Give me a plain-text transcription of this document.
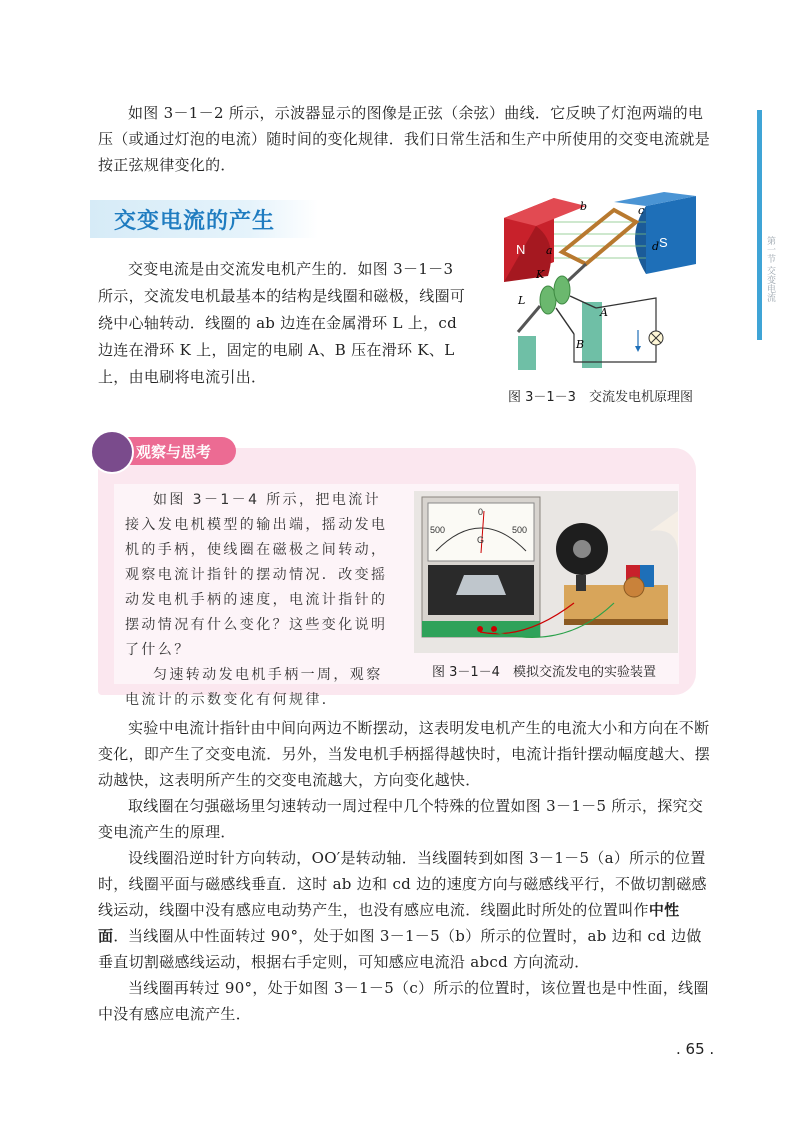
第一节 交变电流

如图 3－1－2 所示，示波器显示的图像是正弦（余弦）曲线．它反映了灯泡两端的电压（或通过灯泡的电流）随时间的变化规律．我们日常生活和生产中所使用的交变电流就是按正弦规律变化的．

交变电流的产生

交变电流是由交流发电机产生的．如图 3－1－3 所示，交流发电机最基本的结构是线圈和磁极，线圈可绕中心轴转动．线圈的 ab 边连在金属滑环 L 上，cd 边连在滑环 K 上，固定的电刷 A、B 压在滑环 K、L 上，由电刷将电流引出．

N	S
b	c
a	d
L
K
A
B
图 3－1－3　交流发电机原理图
观察与思考

如图 3－1－4 所示，把电流计接入发电机模型的输出端，摇动发电机的手柄，使线圈在磁极之间转动，观察电流计指针的摆动情况．改变摇动发电机手柄的速度，电流计指针的摆动情况有什么变化？这些变化说明了什么？

匀速转动发电机手柄一周，观察电流计的示数变化有何规律．

500
0
500
G
图 3－1－4　模拟交流发电的实验装置

实验中电流计指针由中间向两边不断摆动，这表明发电机产生的电流大小和方向在不断变化，即产生了交变电流．另外，当发电机手柄摇得越快时，电流计指针摆动幅度越大、摆动越快，这表明所产生的交变电流越大，方向变化越快．

取线圈在匀强磁场里匀速转动一周过程中几个特殊的位置如图 3－1－5 所示，探究交变电流产生的原理．

设线圈沿逆时针方向转动，OO′是转动轴．当线圈转到如图 3－1－5（a）所示的位置时，线圈平面与磁感线垂直．这时 ab 边和 cd 边的速度方向与磁感线平行，不做切割磁感线运动，线圈中没有感应电动势产生，也没有感应电流．线圈此时所处的位置叫作中性面． 当线圈从中性面转过 90°，处于如图 3－1－5（b）所示的位置时，ab 边和 cd 边做垂直切割磁感线运动，根据右手定则，可知感应电流沿 abcd 方向流动．

当线圈再转过 90°，处于如图 3－1－5（c）所示的位置时，该位置也是中性面，线圈中没有感应电流产生．

. 65 .
